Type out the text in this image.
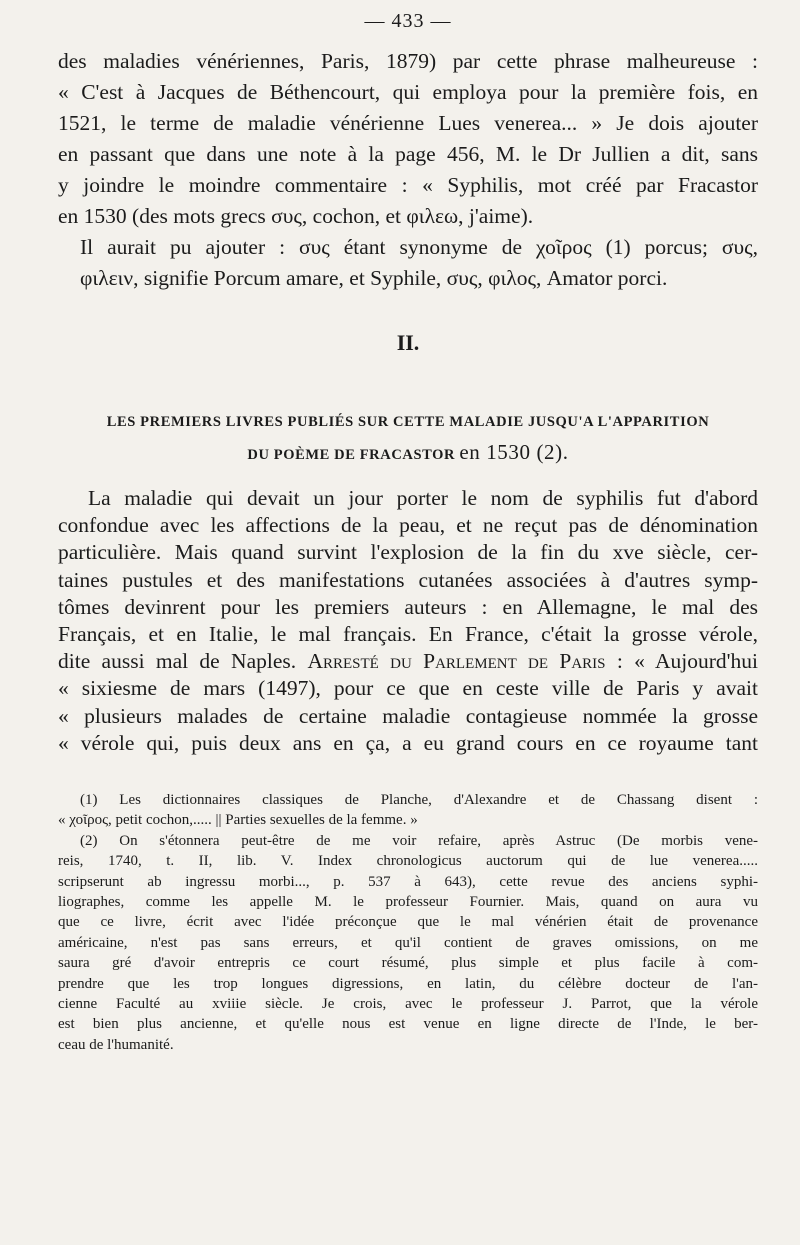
— 433 —
des maladies vénériennes, Paris, 1879) par cette phrase malheureuse :
« C'est à Jacques de Béthencourt, qui employa pour la première fois, en
1521, le terme de maladie vénérienne Lues venerea... » Je dois ajouter
en passant que dans une note à la page 456, M. le Dr Jullien a dit, sans
y joindre le moindre commentaire : « Syphilis, mot créé par Fracastor
en 1530 (des mots grecs συς, cochon, et φιλεω, j'aime).
Il aurait pu ajouter : συς étant synonyme de χοῖρος (1) porcus; συς,
φιλειν, signifie Porcum amare, et Syphile, συς, φιλος, Amator porci.
II.
LES PREMIERS LIVRES PUBLIÉS SUR CETTE MALADIE JUSQU'A L'APPARITION
DU POÈME DE FRACASTOR en 1530 (2).
La maladie qui devait un jour porter le nom de syphilis fut d'abord
confondue avec les affections de la peau, et ne reçut pas de dénomination
particulière. Mais quand survint l'explosion de la fin du xve siècle, cer-
taines pustules et des manifestations cutanées associées à d'autres symp-
tômes devinrent pour les premiers auteurs : en Allemagne, le mal des
Français, et en Italie, le mal français. En France, c'était la grosse vérole,
dite aussi mal de Naples. Arresté du Parlement de Paris : « Aujourd'hui
« sixiesme de mars (1497), pour ce que en ceste ville de Paris y avait
« plusieurs malades de certaine maladie contagieuse nommée la grosse
« vérole qui, puis deux ans en ça, a eu grand cours en ce royaume tant
(1) Les dictionnaires classiques de Planche, d'Alexandre et de Chassang disent :
« χοῖρος, petit cochon,..... || Parties sexuelles de la femme. »
(2) On s'étonnera peut-être de me voir refaire, après Astruc (De morbis vene-
reis, 1740, t. II, lib. V. Index chronologicus auctorum qui de lue venerea.....
scripserunt ab ingressu morbi..., p. 537 à 643), cette revue des anciens syphi-
liographes, comme les appelle M. le professeur Fournier. Mais, quand on aura vu
que ce livre, écrit avec l'idée préconçue que le mal vénérien était de provenance
américaine, n'est pas sans erreurs, et qu'il contient de graves omissions, on me
saura gré d'avoir entrepris ce court résumé, plus simple et plus facile à com-
prendre que les trop longues digressions, en latin, du célèbre docteur de l'an-
cienne Faculté au xviiie siècle. Je crois, avec le professeur J. Parrot, que la vérole
est bien plus ancienne, et qu'elle nous est venue en ligne directe de l'Inde, le ber-
ceau de l'humanité.
